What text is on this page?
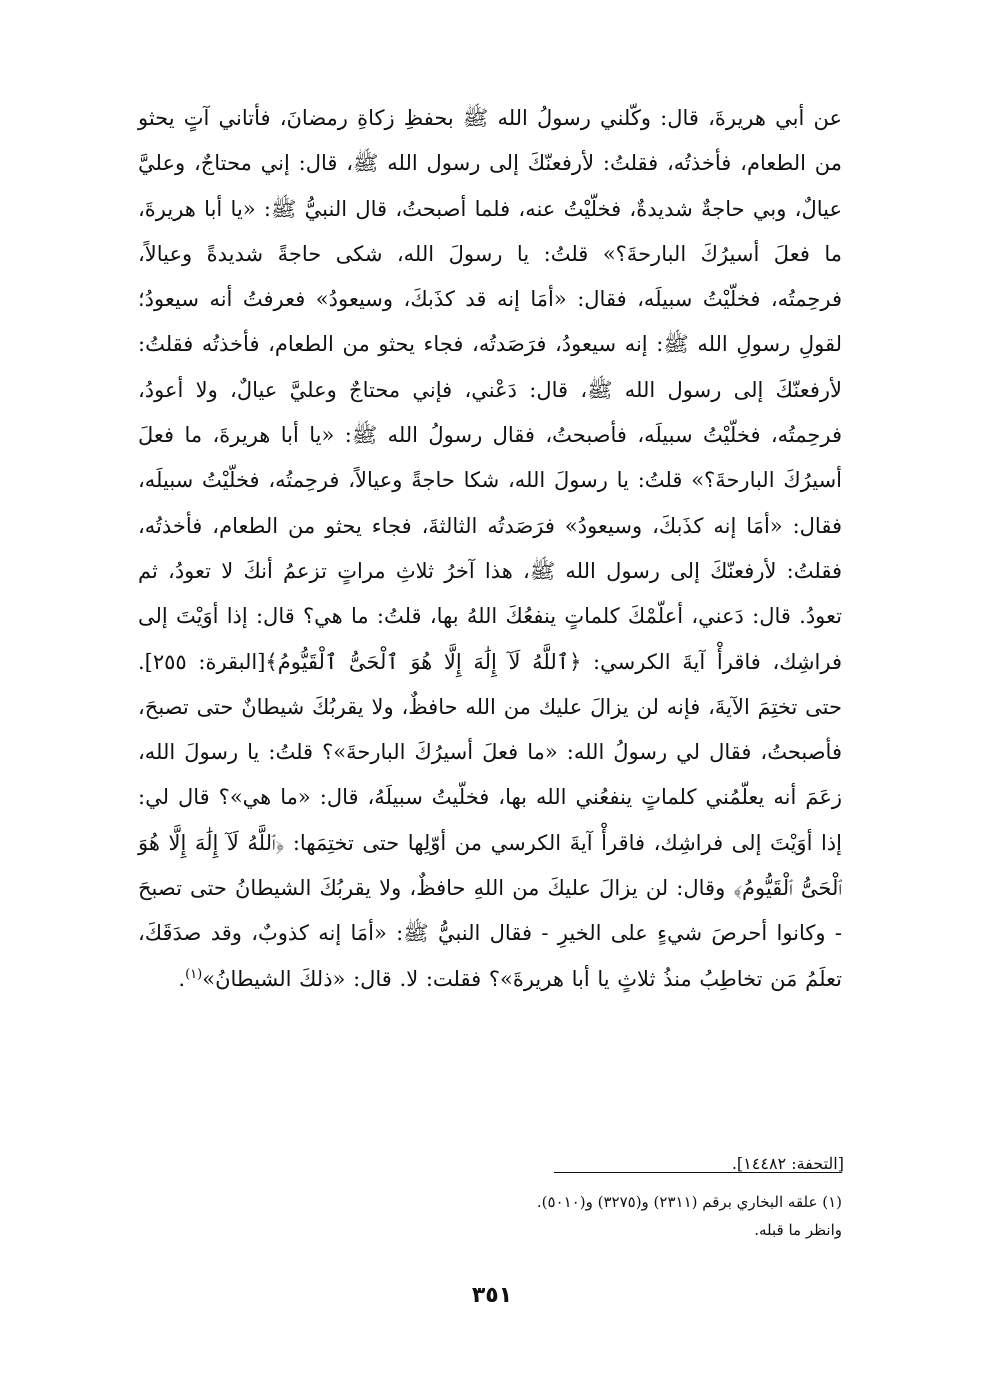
عن أبي هريرةَ، قال: وكّلني رسولُ الله ﷺ بحفظِ زكاةِ رمضانَ، فأتاني آتٍ يحثو من الطعام، فأخذتُه، فقلتُ: لأرفعنّكَ إلى رسول الله ﷺ، قال: إني محتاجٌ، وعليَّ عيالٌ، وبي حاجةٌ شديدةٌ، فخلّيْتُ عنه، فلما أصبحتُ، قال النبيُّ ﷺ: «يا أبا هريرةَ، ما فعلَ أسيرُكَ البارحةَ؟» قلتُ: يا رسولَ الله، شكى حاجةً شديدةً وعيالاً، فرحِمتُه، فخلّيْتُ سبيلَه، فقال: «أمَا إنه قد كذَبكَ، وسيعودُ» فعرفتُ أنه سيعودُ؛ لقولِ رسولِ الله ﷺ: إنه سيعودُ، فرَصَدتُه، فجاء يحثو من الطعام، فأخذتُه فقلتُ: لأرفعنّكَ إلى رسول الله ﷺ، قال: دَعْني، فإني محتاجٌ وعليَّ عيالٌ، ولا أعودُ، فرحِمتُه، فخلّيْتُ سبيلَه، فأصبحتُ، فقال رسولُ الله ﷺ: «يا أبا هريرةَ، ما فعلَ أسيرُكَ البارحةَ؟» قلتُ: يا رسولَ الله، شكا حاجةً وعيالاً، فرحِمتُه، فخلّيْتُ سبيلَه، فقال: «أمَا إنه كذَبكَ، وسيعودُ» فرَصَدتُه الثالثةَ، فجاء يحثو من الطعام، فأخذتُه، فقلتُ: لأرفعنّكَ إلى رسول الله ﷺ، هذا آخرُ ثلاثِ مراتٍ تزعمُ أنكَ لا تعودُ، ثم تعودُ. قال: دَعني، أعلّمْكَ كلماتٍ ينفعُكَ اللهُ بها، قلتُ: ما هي؟ قال: إذا أوَيْتَ إلى فراشِك، فاقرأْ آيةَ الكرسي: ﴿ٱللَّهُ لَآ إِلَٰهَ إِلَّا هُوَ ٱلْحَىُّ ٱلْقَيُّومُ﴾[البقرة: ٢٥٥]. حتى تختِمَ الآيةَ، فإنه لن يزالَ عليك من الله حافظٌ، ولا يقربُكَ شيطانٌ حتى تصبحَ، فأصبحتُ، فقال لي رسولُ الله: «ما فعلَ أسيرُكَ البارحةَ»؟ قلتُ: يا رسولَ الله، زعَمَ أنه يعلّمُني كلماتٍ ينفعُني الله بها، فخلّيتُ سبيلَهُ، قال: «ما هي»؟ قال لي: إذا أوَيْتَ إلى فراشِك، فاقرأْ آيةَ الكرسي من أوّلِها حتى تختِمَها: ﴿ٱللَّهُ لَآ إِلَٰهَ إِلَّا هُوَ ٱلْحَىُّ ٱلْقَيُّومُ﴾ وقال: لن يزالَ عليكَ من اللهِ حافظٌ، ولا يقربُكَ الشيطانُ حتى تصبحَ - وكانوا أحرصَ شيءٍ على الخيرِ - فقال النبيُّ ﷺ: «أمَا إنه كذوبٌ، وقد صدَقَكَ، تعلَمُ مَن تخاطِبُ منذُ ثلاثٍ يا أبا هريرةَ»؟ فقلت: لا. قال: «ذلكَ الشيطانُ»$^{(١)}$.
[التحفة: ١٤٤٨٢].

(١) علقه البخاري برقم (٢٣١١) و(٣٢٧٥) و(٥٠١٠).

وانظر ما قبله.

٣٥١
